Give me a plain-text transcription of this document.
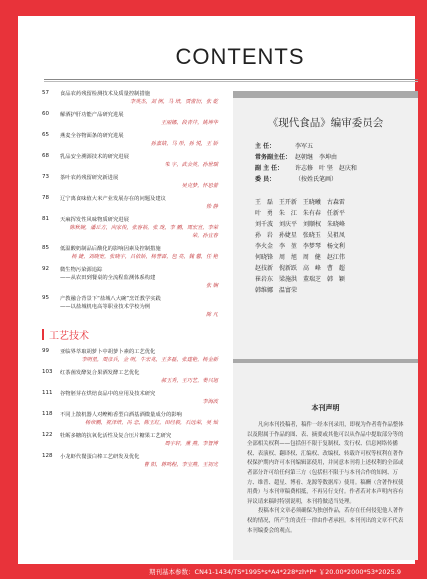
CONTENTS
57	食品农药残留检测技术及质量控制措施
李英杰，刘 例，马 培，贾蕾衍，张 乾
60	解酒护肝功能产品研究进展
王丽娜，段青芹，姚坤华
65	燕麦全谷物面条的研究进展
孙嘉婧，马 彤，孙 悦，王 娇
68	乳品安全溯源技术的研究进展
朱 宇，武会英，孙世瑞
73	茶叶农药残留研究新进展
吴克梦，怀思蕾
78	辽宁离食味值大米产业发展存在的问题及建议
徐 静
81	天麻挥发性风味物质研究进展
陈秋婉，潘丘方，向家俊，张容裕，张 珑，李 鹏，周宏宣，李荣荣，孙宜春
85	低温酸奶制品后酸化的影响因素及控制措施
杨 婕，刘晓宽，张晓宇，吕依娇，杨誉霖，包 亮，魏 馨，任 艳
92	微生物污染源追踪
——从农田到餐桌的全流程监测体系构建
张 娴
95	产教融合背景下“盐城八大碗”烹饪教学实践
——以盐城机电高等职业技术学校为例
陈 凡
工艺技术
99	亚临界萃取胡萝卜中胡萝卜素的工艺优化
李明星，周彦兵，金 明，牛宏兆，王多磊，张建艳，杨金新
103	红茶菌发酵复合果酒发酵工艺优化
郝玉秀，王巧艺，姜兴旭
111	谷物胚芽在烘焙食品中的应用及技术研究
李海波
118	不同上散机器人对鲣鲔香型白酒基酒微量成分的影响
杨帝鹏，祝泽培，冯 恋，陈玉红，田经毅，石远荣，吴 灿
122	牡蛎多糖的抗氧化活性及复合压片糖果工艺研究
周宇轩，薰 燕，李智博
128	小龙虾代餐蛋白棒工艺研发及优化
曹 阳，蒋鸣程，李宝燕，王初光
《现代食品》编审委员会
主 任：	李军五
常务副主任： 赵朝继　李坤由
副 主 任：	许志修　叶 坚　赵庆和
委 员：	（按姓氏笔画）
王 磊　王开新　王晓曦　古森雷
叶 勇　朱 江　朱有春　任新平
刘千波　刘庆平　刘顺权　朱晓峰
孙 岩　孙婕星　张晓玉　吴祖凤
李火金　李 堃　李梦琴　杨文利
何晓锋　周 旭　周 健　赵江伟
赵技新　倪新跃　高 峰　曹 超
崔岩东　梁施洪　董瑞芝　韩 颖
韩维娜　温富荣
本刊声明

凡向本刊投稿者，稿件一经本刊录用，即视为作者将作品整体以及附属于作品的图、表、摘要或其他可以从作品中提取部分等的全部相关权利——包括但不限于复制权、发行权、信息网络传播权、表演权、翻译权、汇编权、改编权、转载许可权等权利在著作权保护期内许可本刊编辑部使用，并同意本刊将上述权利的全部或者部分许可给任何第三方（包括但不限于与本刊合作的知网、万方、维普、超星、博看、龙源等数据库）使用。稿酬（含著作权使用费）与本刊审稿费相抵，不再另行支付。作者若对本声明内容有异议请来稿时特别说明，本刊将做适当处理。

投稿本刊文章必须确保为独创作品，若存在任何侵犯他人著作权的情况，所产生的责任一律由作者承担。本刊刊出的文章不代表本刊编委会的观点。

期刊基本参数：CN41-1434/TS*1995*s*A4*228*zh*P* ￥20.00*2000*53*2025.9
